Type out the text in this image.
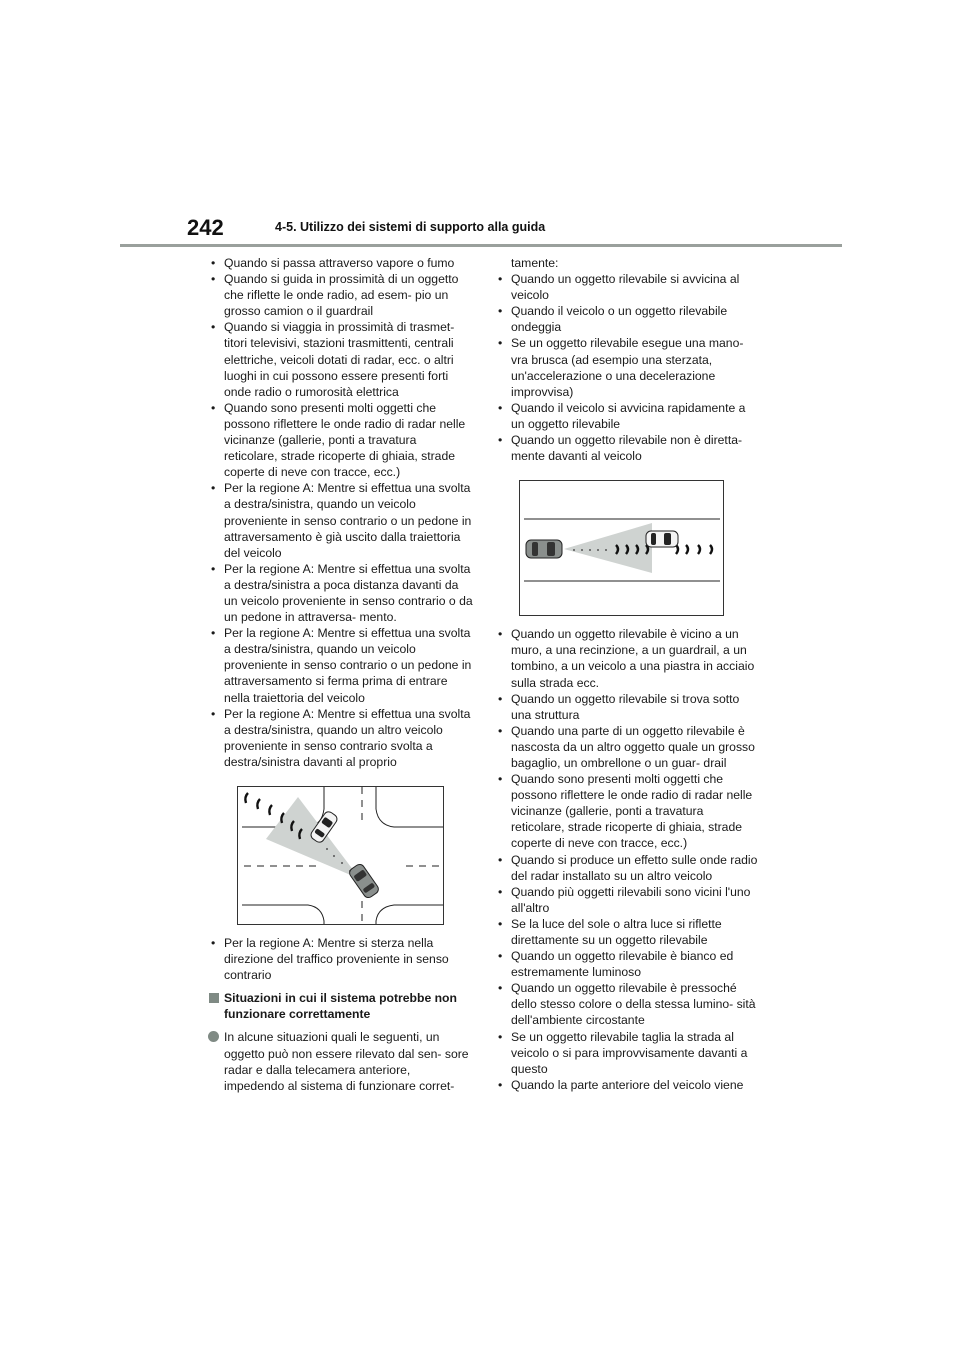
242	4-5. Utilizzo dei sistemi di supporto alla guida
• Quando si passa attraverso vapore o fumo
• Quando si guida in prossimità di un oggetto che riflette le onde radio, ad esem- pio un grosso camion o il guardrail
• Quando si viaggia in prossimità di trasmet- titori televisivi, stazioni trasmittenti, centrali elettriche, veicoli dotati di radar, ecc. o altri luoghi in cui possono essere presenti forti onde radio o rumorosità elettrica
• Quando sono presenti molti oggetti che possono riflettere le onde radio di radar nelle vicinanze (gallerie, ponti a travatura reticolare, strade ricoperte di ghiaia, strade coperte di neve con tracce, ecc.)
• Per la regione A: Mentre si effettua una svolta a destra/sinistra, quando un veicolo proveniente in senso contrario o un pedone in attraversamento è già uscito dalla traiettoria del veicolo
• Per la regione A: Mentre si effettua una svolta a destra/sinistra a poca distanza davanti da un veicolo proveniente in senso contrario o da un pedone in attraversa- mento.
• Per la regione A: Mentre si effettua una svolta a destra/sinistra, quando un veicolo proveniente in senso contrario o un pedone in attraversamento si ferma prima di entrare nella traiettoria del veicolo
• Per la regione A: Mentre si effettua una svolta a destra/sinistra, quando un altro veicolo proveniente in senso contrario svolta a destra/sinistra davanti al proprio
• Per la regione A: Mentre si sterza nella direzione del traffico proveniente in senso contrario
Situazioni in cui il sistema potrebbe non funzionare correttamente
In alcune situazioni quali le seguenti, un oggetto può non essere rilevato dal sen- sore radar e dalla telecamera anteriore, impedendo al sistema di funzionare corret-
tamente:
• Quando un oggetto rilevabile si avvicina al veicolo
• Quando il veicolo o un oggetto rilevabile ondeggia
• Se un oggetto rilevabile esegue una mano- vra brusca (ad esempio una sterzata, un'accelerazione o una decelerazione improvvisa)
• Quando il veicolo si avvicina rapidamente a un oggetto rilevabile
• Quando un oggetto rilevabile non è diretta- mente davanti al veicolo
• Quando un oggetto rilevabile è vicino a un muro, a una recinzione, a un guardrail, a un tombino, a un veicolo a una piastra in acciaio sulla strada ecc.
• Quando un oggetto rilevabile si trova sotto una struttura
• Quando una parte di un oggetto rilevabile è nascosta da un altro oggetto quale un grosso bagaglio, un ombrellone o un guar- drail
• Quando sono presenti molti oggetti che possono riflettere le onde radio di radar nelle vicinanze (gallerie, ponti a travatura reticolare, strade ricoperte di ghiaia, strade coperte di neve con tracce, ecc.)
• Quando si produce un effetto sulle onde radio del radar installato su un altro veicolo
• Quando più oggetti rilevabili sono vicini l'uno all'altro
• Se la luce del sole o altra luce si riflette direttamente su un oggetto rilevabile
• Quando un oggetto rilevabile è bianco ed estremamente luminoso
• Quando un oggetto rilevabile è pressoché dello stesso colore o della stessa lumino- sità dell'ambiente circostante
• Se un oggetto rilevabile taglia la strada al veicolo o si para improvvisamente davanti a questo
• Quando la parte anteriore del veicolo viene
